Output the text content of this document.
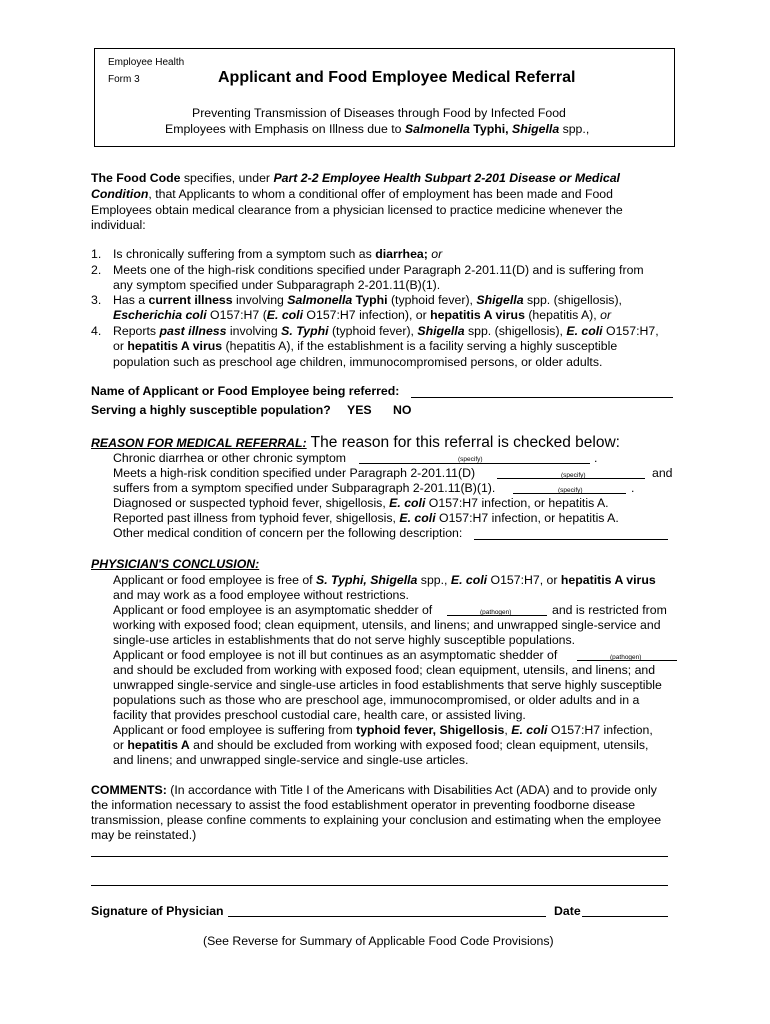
Employee Health
Form 3	Applicant and Food Employee Medical Referral
Preventing Transmission of Diseases through Food by Infected Food
Employees with Emphasis on Illness due to Salmonella Typhi, Shigella spp.,
The Food Code specifies, under Part 2-2 Employee Health Subpart 2-201 Disease or Medical
Condition, that Applicants to whom a conditional offer of employment has been made and Food
Employees obtain medical clearance from a physician licensed to practice medicine whenever the
individual:
1. Is chronically suffering from a symptom such as diarrhea; or
2. Meets one of the high-risk conditions specified under Paragraph 2-201.11(D) and is suffering from
any symptom specified under Subparagraph 2-201.11(B)(1).
3. Has a current illness involving Salmonella Typhi (typhoid fever), Shigella spp. (shigellosis),
Escherichia coli O157:H7 (E. coli O157:H7 infection), or hepatitis A virus (hepatitis A), or
4. Reports past illness involving S. Typhi (typhoid fever), Shigella spp. (shigellosis), E. coli O157:H7,
or hepatitis A virus (hepatitis A), if the establishment is a facility serving a highly susceptible
population such as preschool age children, immunocompromised persons, or older adults.
Name of Applicant or Food Employee being referred:
Serving a highly susceptible population? YES NO
REASON FOR MEDICAL REFERRAL: The reason for this referral is checked below:
Chronic diarrhea or other chronic symptom	(specify)	.
Meets a high-risk condition specified under Paragraph 2-201.11(D)	(specify)	and
suffers from a symptom specified under Subparagraph 2-201.11(B)(1).	(specify)	.
Diagnosed or suspected typhoid fever, shigellosis, E. coli O157:H7 infection, or hepatitis A.
Reported past illness from typhoid fever, shigellosis, E. coli O157:H7 infection, or hepatitis A.
Other medical condition of concern per the following description:
PHYSICIAN'S CONCLUSION:
Applicant or food employee is free of S. Typhi, Shigella spp., E. coli O157:H7, or hepatitis A virus
and may work as a food employee without restrictions.
Applicant or food employee is an asymptomatic shedder of	(pathogen)	and is restricted from
working with exposed food; clean equipment, utensils, and linens; and unwrapped single-service and
single-use articles in establishments that do not serve highly susceptible populations.
Applicant or food employee is not ill but continues as an asymptomatic shedder of	(pathogen)
and should be excluded from working with exposed food; clean equipment, utensils, and linens; and
unwrapped single-service and single-use articles in food establishments that serve highly susceptible
populations such as those who are preschool age, immunocompromised, or older adults and in a
facility that provides preschool custodial care, health care, or assisted living.
Applicant or food employee is suffering from typhoid fever, Shigellosis, E. coli O157:H7 infection,
or hepatitis A and should be excluded from working with exposed food; clean equipment, utensils,
and linens; and unwrapped single-service and single-use articles.
COMMENTS: (In accordance with Title I of the Americans with Disabilities Act (ADA) and to provide only
the information necessary to assist the food establishment operator in preventing foodborne disease
transmission, please confine comments to explaining your conclusion and estimating when the employee
may be reinstated.)
Signature of Physician	Date
(See Reverse for Summary of Applicable Food Code Provisions)
